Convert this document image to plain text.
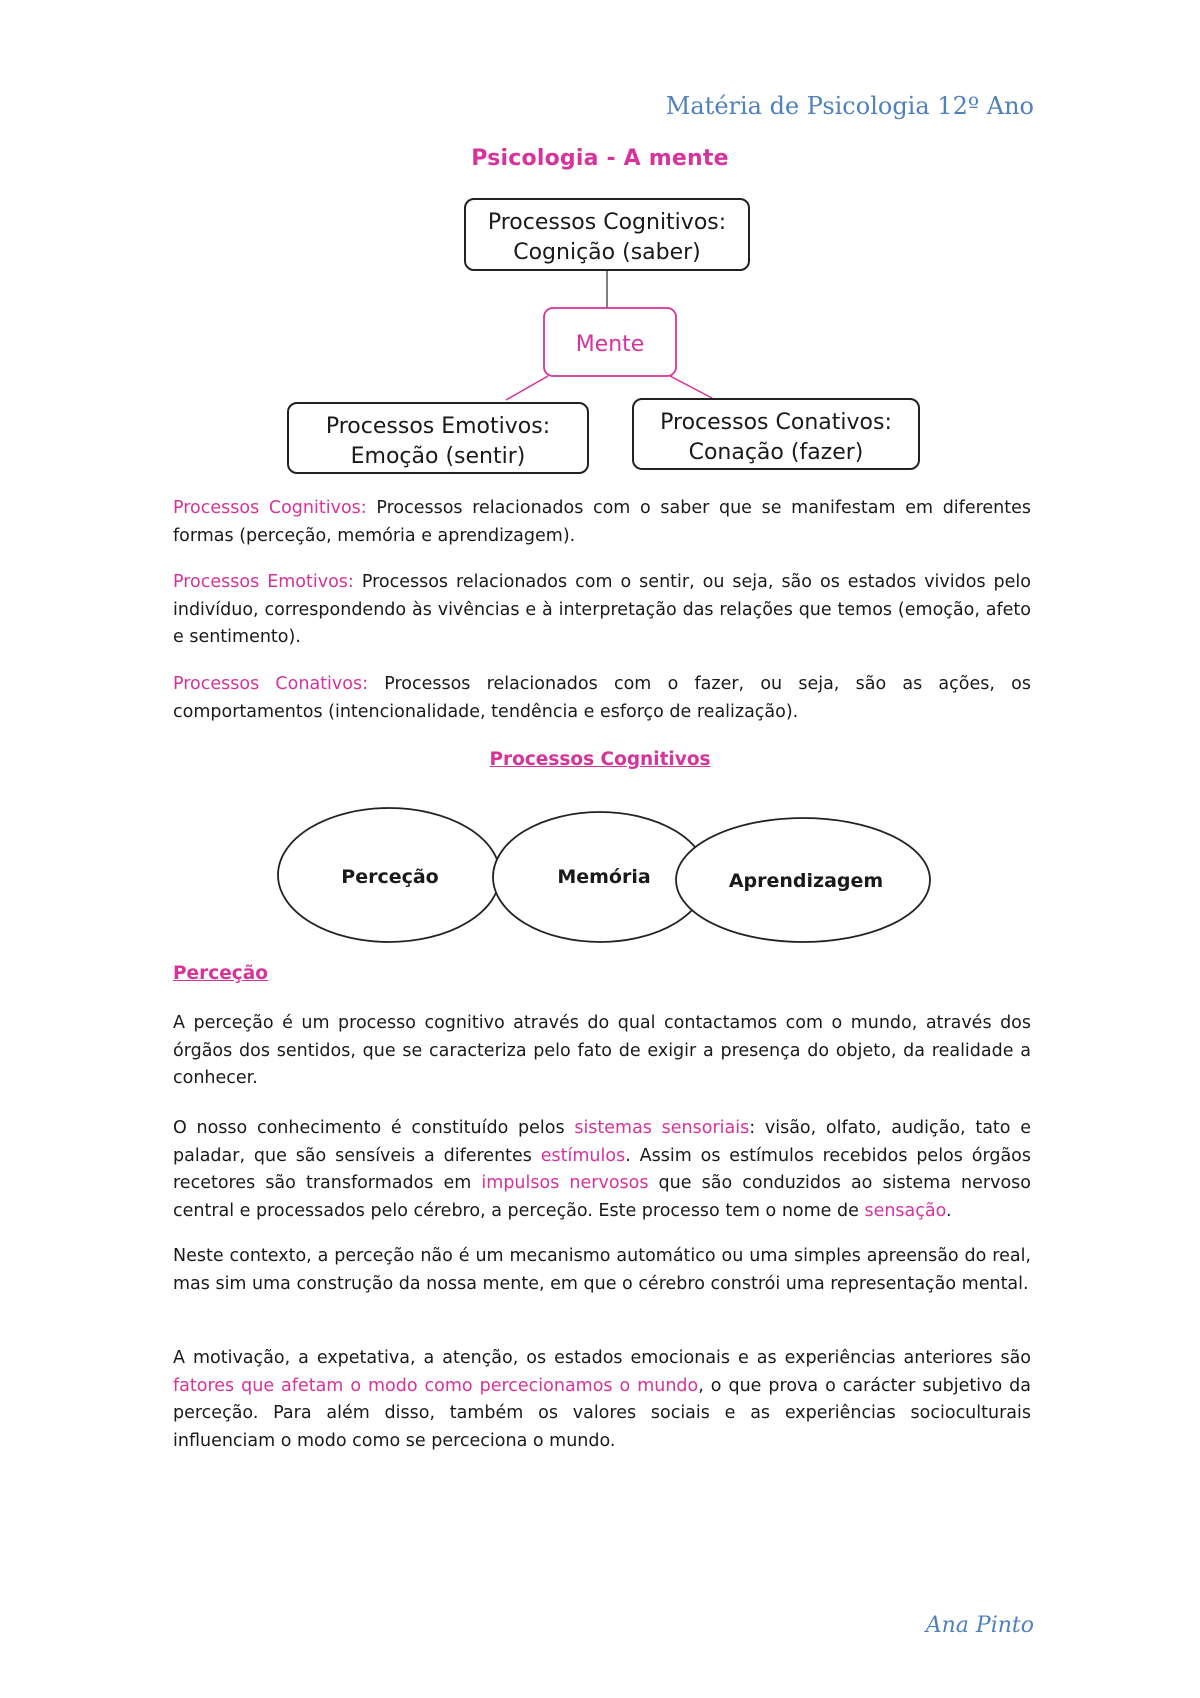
Matéria de Psicologia 12º Ano
Psicologia - A mente
Processos Cognitivos:
Cognição (saber)
Mente
Processos Emotivos:
Emoção (sentir)
Processos Conativos:
Conação (fazer)
Perceção	Memória	Aprendizagem

Processos Cognitivos: Processos relacionados com o saber que se manifestam em diferentes formas (perceção, memória e aprendizagem).

Processos Emotivos: Processos relacionados com o sentir, ou seja, são os estados vividos pelo indivíduo, correspondendo às vivências e à interpretação das relações que temos (emoção, afeto e sentimento).

Processos Conativos: Processos relacionados com o fazer, ou seja, são as ações, os comportamentos (intencionalidade, tendência e esforço de realização).

Processos Cognitivos
Perceção

A perceção é um processo cognitivo através do qual contactamos com o mundo, através dos órgãos dos sentidos, que se caracteriza pelo fato de exigir a presença do objeto, da realidade a conhecer.

O nosso conhecimento é constituído pelos sistemas sensoriais: visão, olfato, audição, tato e paladar, que são sensíveis a diferentes estímulos. Assim os estímulos recebidos pelos órgãos recetores são transformados em impulsos nervosos que são conduzidos ao sistema nervoso central e processados pelo cérebro, a perceção. Este processo tem o nome de sensação.

Neste contexto, a perceção não é um mecanismo automático ou uma simples apreensão do real, mas sim uma construção da nossa mente, em que o cérebro constrói uma representação mental.

A motivação, a expetativa, a atenção, os estados emocionais e as experiências anteriores são fatores que afetam o modo como percecionamos o mundo, o que prova o carácter subjetivo da perceção. Para além disso, também os valores sociais e as experiências socioculturais influenciam o modo como se perceciona o mundo.

Ana Pinto
